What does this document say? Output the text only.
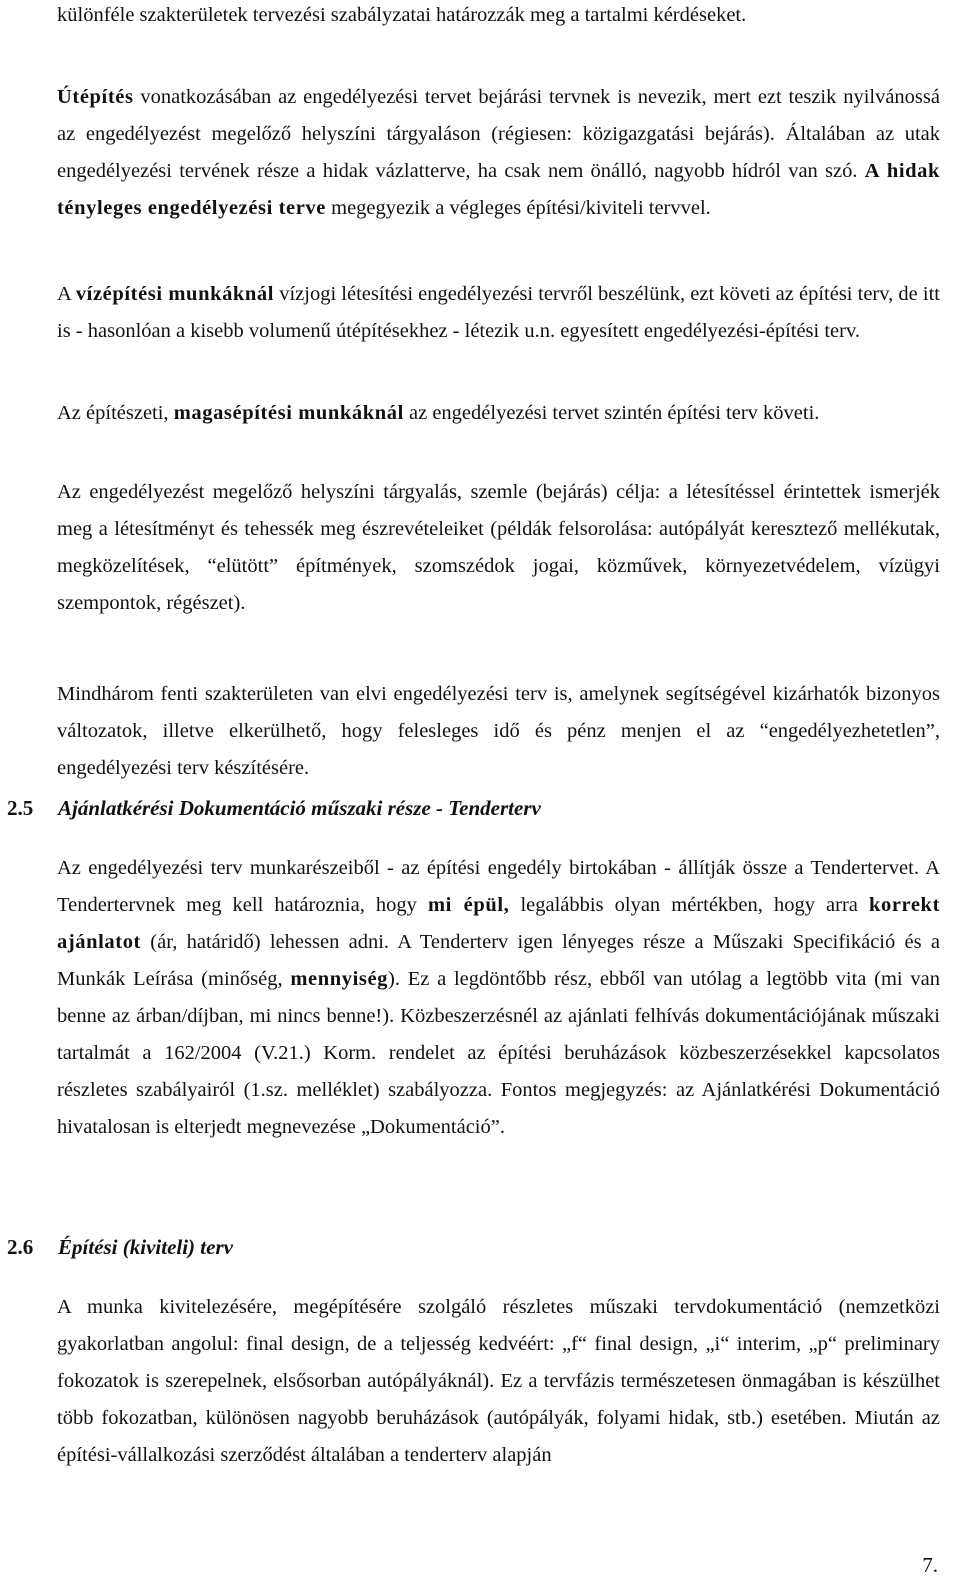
különféle szakterületek tervezési szabályzatai határozzák meg a tartalmi kérdéseket.

Útépítés vonatkozásában az engedélyezési tervet bejárási tervnek is nevezik, mert ezt teszik nyilvánossá az engedélyezést megelőző helyszíni tárgyaláson (régiesen: közigazgatási bejárás). Általában az utak engedélyezési tervének része a hidak vázlatterve, ha csak nem önálló, nagyobb hídról van szó. A hidak tényleges engedélyezési terve megegyezik a végleges építési/kiviteli tervvel.

A vízépítési munkáknál vízjogi létesítési engedélyezési tervről beszélünk, ezt követi az építési terv, de itt is - hasonlóan a kisebb volumenű útépítésekhez - létezik u.n. egyesített engedélyezési-építési terv.

Az építészeti, magasépítési munkáknál az engedélyezési tervet szintén építési terv követi.

Az engedélyezést megelőző helyszíni tárgyalás, szemle (bejárás) célja: a létesítéssel érintettek ismerjék meg a létesítményt és tehessék meg észrevételeiket (példák felsorolása: autópályát keresztező mellékutak, megközelítések, “elütött” építmények, szomszédok jogai, közművek, környezetvédelem, vízügyi szempontok, régészet).

Mindhárom fenti szakterületen van elvi engedélyezési terv is, amelynek segítségével kizárhatók bizonyos változatok, illetve elkerülhető, hogy felesleges idő és pénz menjen el az “engedélyezhetetlen”, engedélyezési terv készítésére.

2.5 Ajánlatkérési Dokumentáció műszaki része - Tenderterv

Az engedélyezési terv munkarészeiből - az építési engedély birtokában - állítják össze a Tendertervet. A Tendertervnek meg kell határoznia, hogy mi épül, legalábbis olyan mértékben, hogy arra korrekt ajánlatot (ár, határidő) lehessen adni. A Tenderterv igen lényeges része a Műszaki Specifikáció és a Munkák Leírása (minőség, mennyiség). Ez a legdöntőbb rész, ebből van utólag a legtöbb vita (mi van benne az árban/díjban, mi nincs benne!). Közbeszerzésnél az ajánlati felhívás dokumentációjának műszaki tartalmát a 162/2004 (V.21.) Korm. rendelet az építési beruházások közbeszerzésekkel kapcsolatos részletes szabályairól (1.sz. melléklet) szabályozza. Fontos megjegyzés: az Ajánlatkérési Dokumentáció hivatalosan is elterjedt megnevezése „Dokumentáció”.

2.6 Építési (kiviteli) terv

A munka kivitelezésére, megépítésére szolgáló részletes műszaki tervdokumentáció (nemzetközi gyakorlatban angolul: final design, de a teljesség kedvéért: „f“ final design, „i“ interim, „p“ preliminary fokozatok is szerepelnek, elsősorban autópályáknál). Ez a tervfázis természetesen önmagában is készülhet több fokozatban, különösen nagyobb beruházások (autópályák, folyami hidak, stb.) esetében. Miután az építési-vállalkozási szerződést általában a tenderterv alapján

7.
